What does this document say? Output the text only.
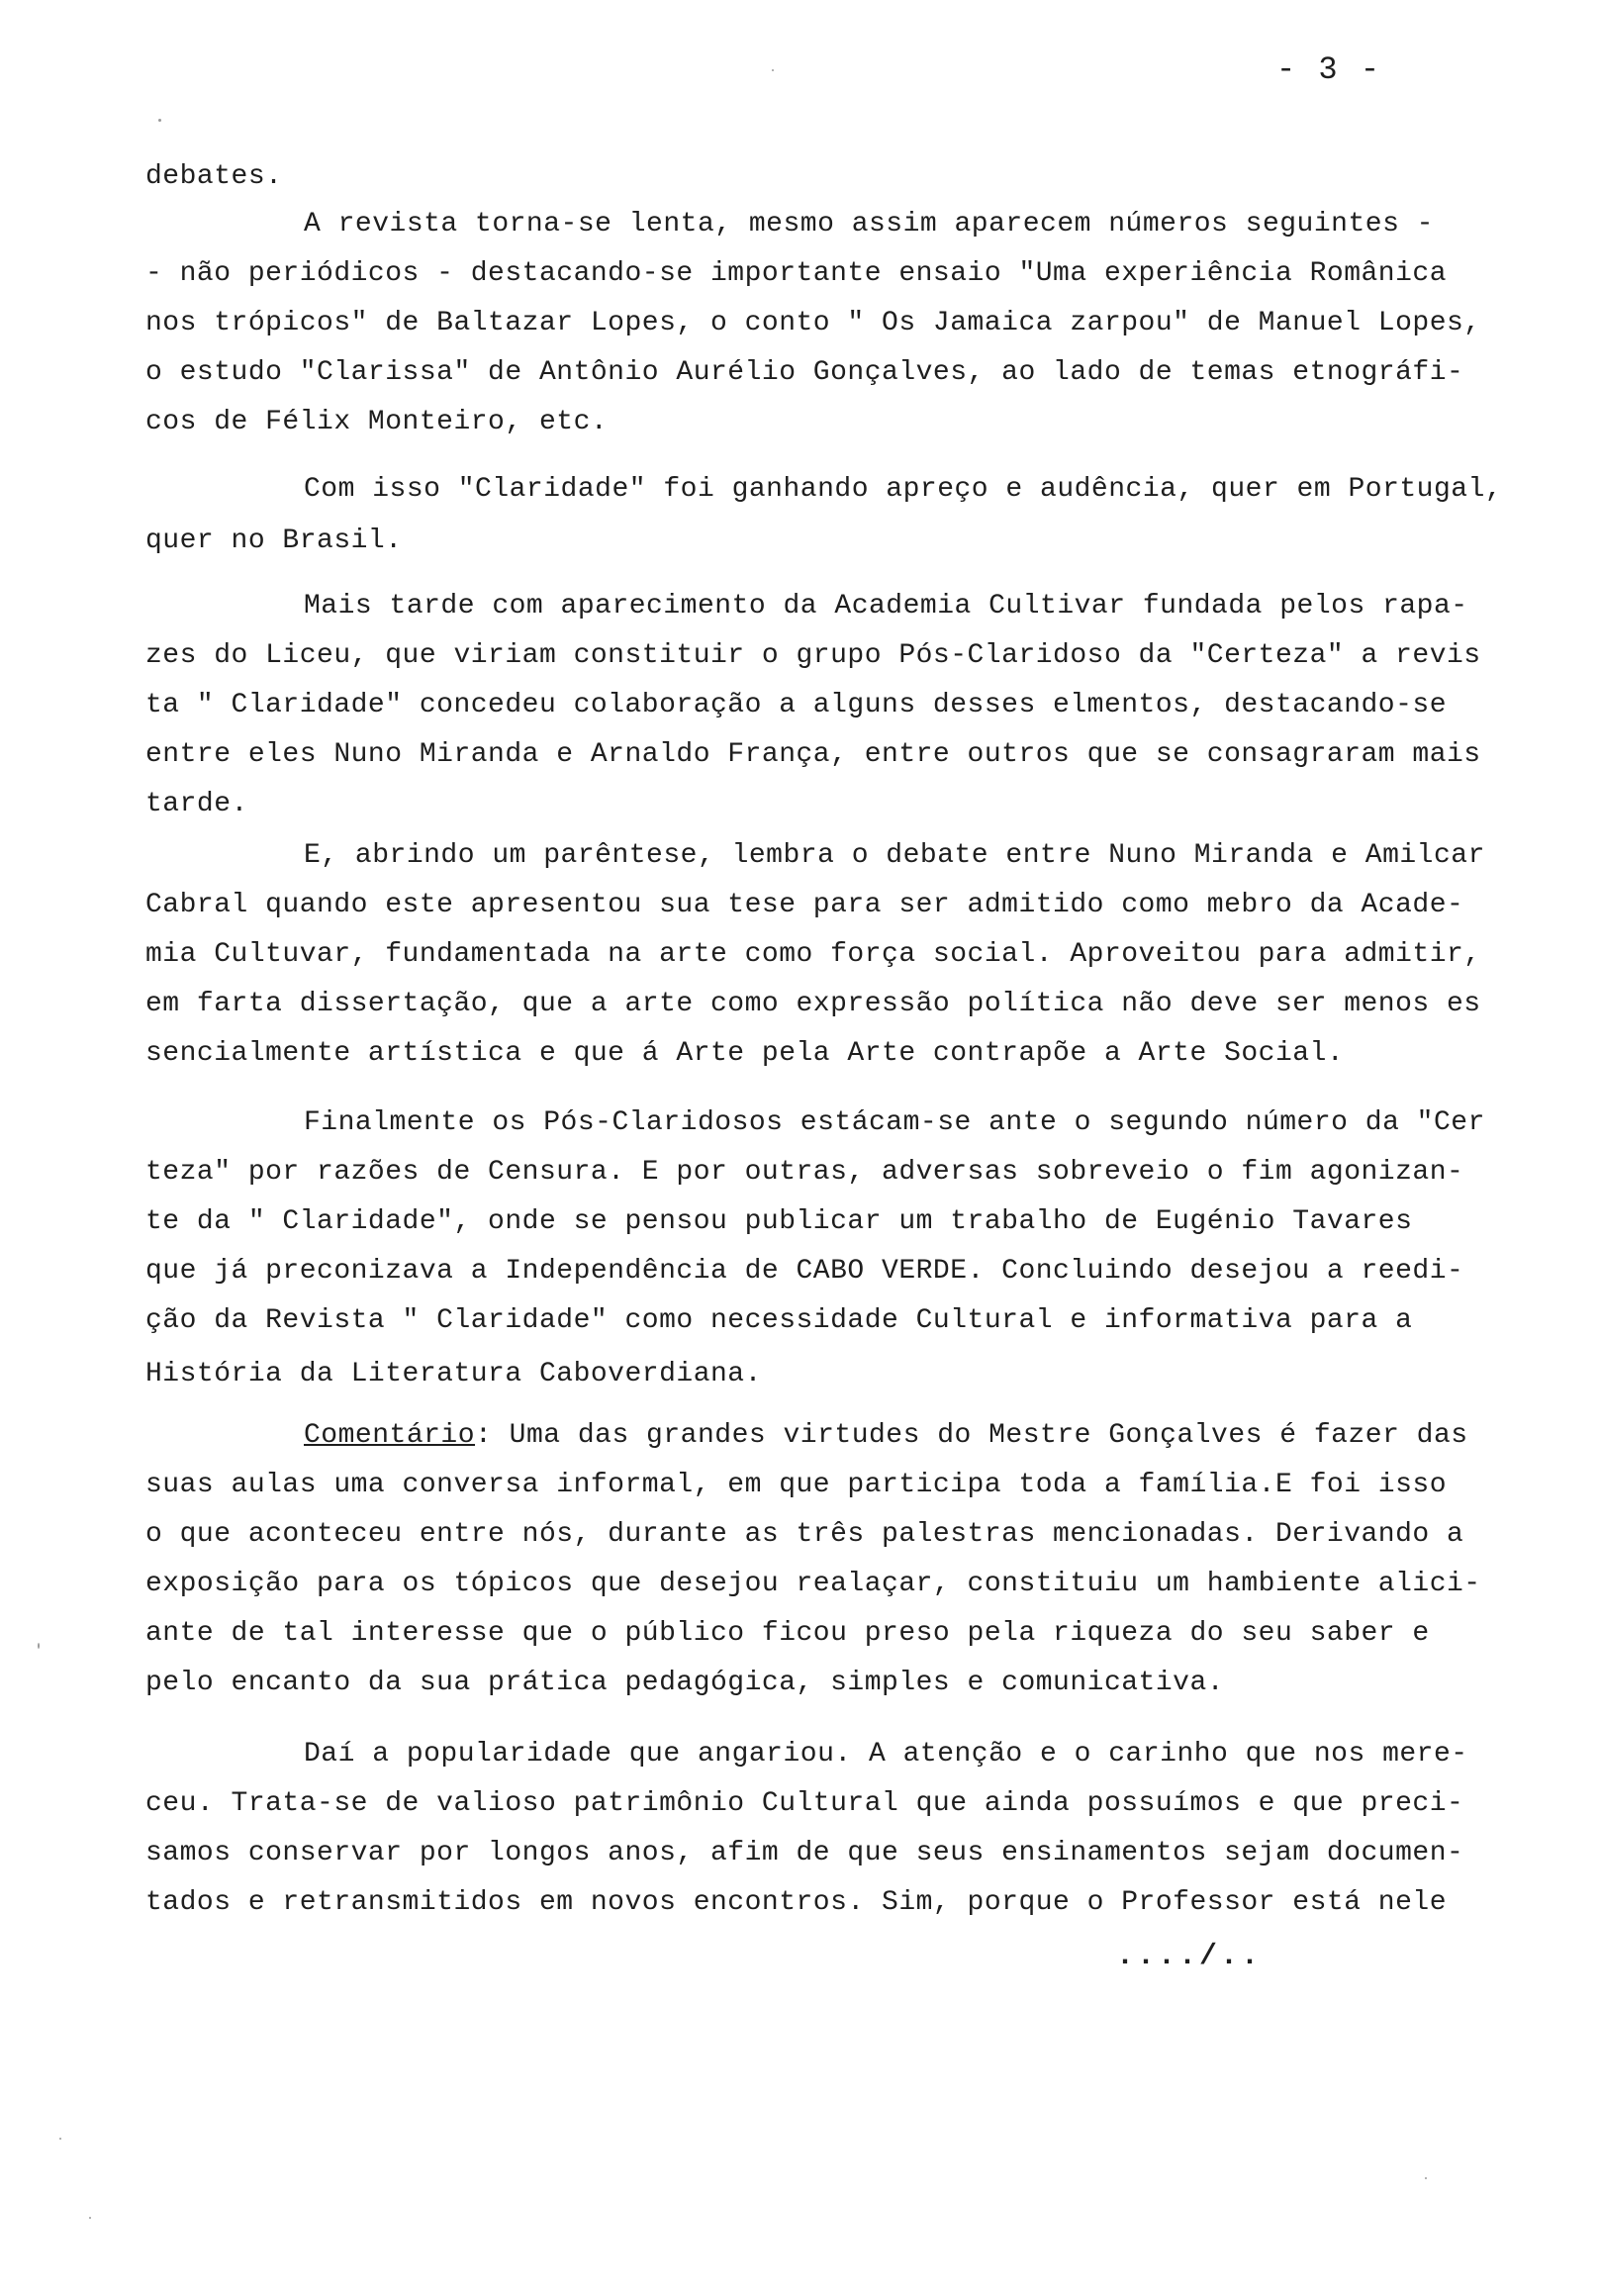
- 3 -
debates.
A revista torna-se lenta, mesmo assim aparecem números seguintes -
- não periódicos - destacando-se importante ensaio "Uma experiência Românica
nos trópicos" de Baltazar Lopes, o conto " Os Jamaica zarpou" de Manuel Lopes,
o estudo "Clarissa" de Antônio Aurélio Gonçalves, ao lado de temas etnográfi-
cos de Félix Monteiro, etc.
Com isso "Claridade" foi ganhando apreço e audência, quer em Portugal,
quer no Brasil.
Mais tarde com aparecimento da Academia Cultivar fundada pelos rapa-
zes do Liceu, que viriam constituir o grupo Pós-Claridoso da "Certeza" a revis
ta " Claridade" concedeu colaboração a alguns desses elmentos, destacando-se
entre eles Nuno Miranda e Arnaldo França, entre outros que se consagraram mais
tarde.
E, abrindo um parêntese, lembra o debate entre Nuno Miranda e Amilcar
Cabral quando este apresentou sua tese para ser admitido como mebro da Acade-
mia Cultuvar, fundamentada na arte como força social. Aproveitou para admitir,
em farta dissertação, que a arte como expressão política não deve ser menos es
sencialmente artística e que á Arte pela Arte contrapõe a Arte Social.
Finalmente os Pós-Claridosos estácam-se ante o segundo número da "Cer
teza" por razões de Censura. E por outras, adversas sobreveio o fim agonizan-
te da " Claridade", onde se pensou publicar um trabalho de Eugénio Tavares
que já preconizava a Independência de CABO VERDE. Concluindo desejou a reedi-
ção da Revista " Claridade" como necessidade Cultural e informativa para a
História da Literatura Caboverdiana.
Comentário: Uma das grandes virtudes do Mestre Gonçalves é fazer das
suas aulas uma conversa informal, em que participa toda a família.E foi isso
o que aconteceu entre nós, durante as três palestras mencionadas. Derivando a
exposição para os tópicos que desejou realaçar, constituiu um hambiente alici-
ante de tal interesse que o público ficou preso pela riqueza do seu saber e
pelo encanto da sua prática pedagógica, simples e comunicativa.
Daí a popularidade que angariou. A atenção e o carinho que nos mere-
ceu. Trata-se de valioso patrimônio Cultural que ainda possuímos e que preci-
samos conservar por longos anos, afim de que seus ensinamentos sejam documen-
tados e retransmitidos em novos encontros. Sim, porque o Professor está nele
..../..
